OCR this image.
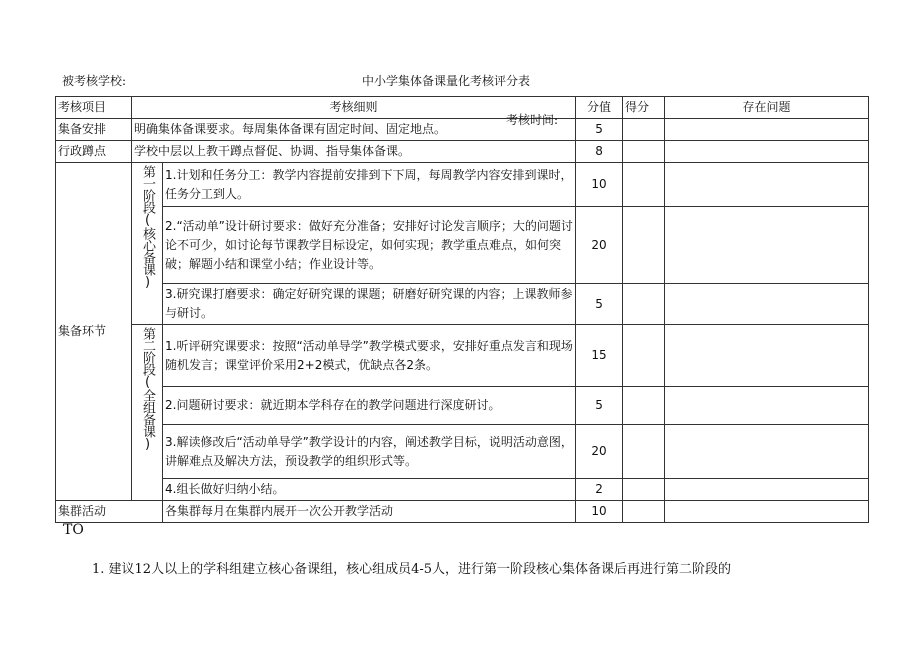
被考核学校:	中小学集体备课量化考核评分表
考核时间:
考核项目	考核细则		分值	得分	存在问题
集备安排	明确集体备课要求。每周集体备课有固定时间、固定地点。		5		
行政蹲点	学校中层以上教干蹲点督促、协调、指导集体备课。		8		
集备环节	第一阶段(核心备课)	1.计划和任务分工：教学内容提前安排到下下周，每周教学内容安排到课时，任务分工到人。	10		
		2.“活动单”设计研讨要求：做好充分准备；安排好讨论发言顺序；大的问题讨论不可少，如讨论每节课教学目标设定，如何实现；教学重点难点，如何突破；解题小结和课堂小结；作业设计等。	20		
		3.研究课打磨要求：确定好研究课的课题；研磨好研究课的内容；上课教师参与研讨。	5		

	第二阶段(全组备课)	1.听评研究课要求：按照“活动单导学”教学模式要求，安排好重点发言和现场随机发言；课堂评价采用2+2模式，优缺点各2条。	15		
		2.问题研讨要求：就近期本学科存在的教学问题进行深度研讨。	5		
		3.解读修改后“活动单导学”教学设计的内容，阐述教学目标，说明活动意图，讲解难点及解决方法，预设教学的组织形式等。	20		
		4.组长做好归纳小结。	2		
集群活动		各集群每月在集群内展开一次公开教学活动	10		
TO
1. 建议12人以上的学科组建立核心备课组，核心组成员4-5人，进行第一阶段核心集体备课后再进行第二阶段的
